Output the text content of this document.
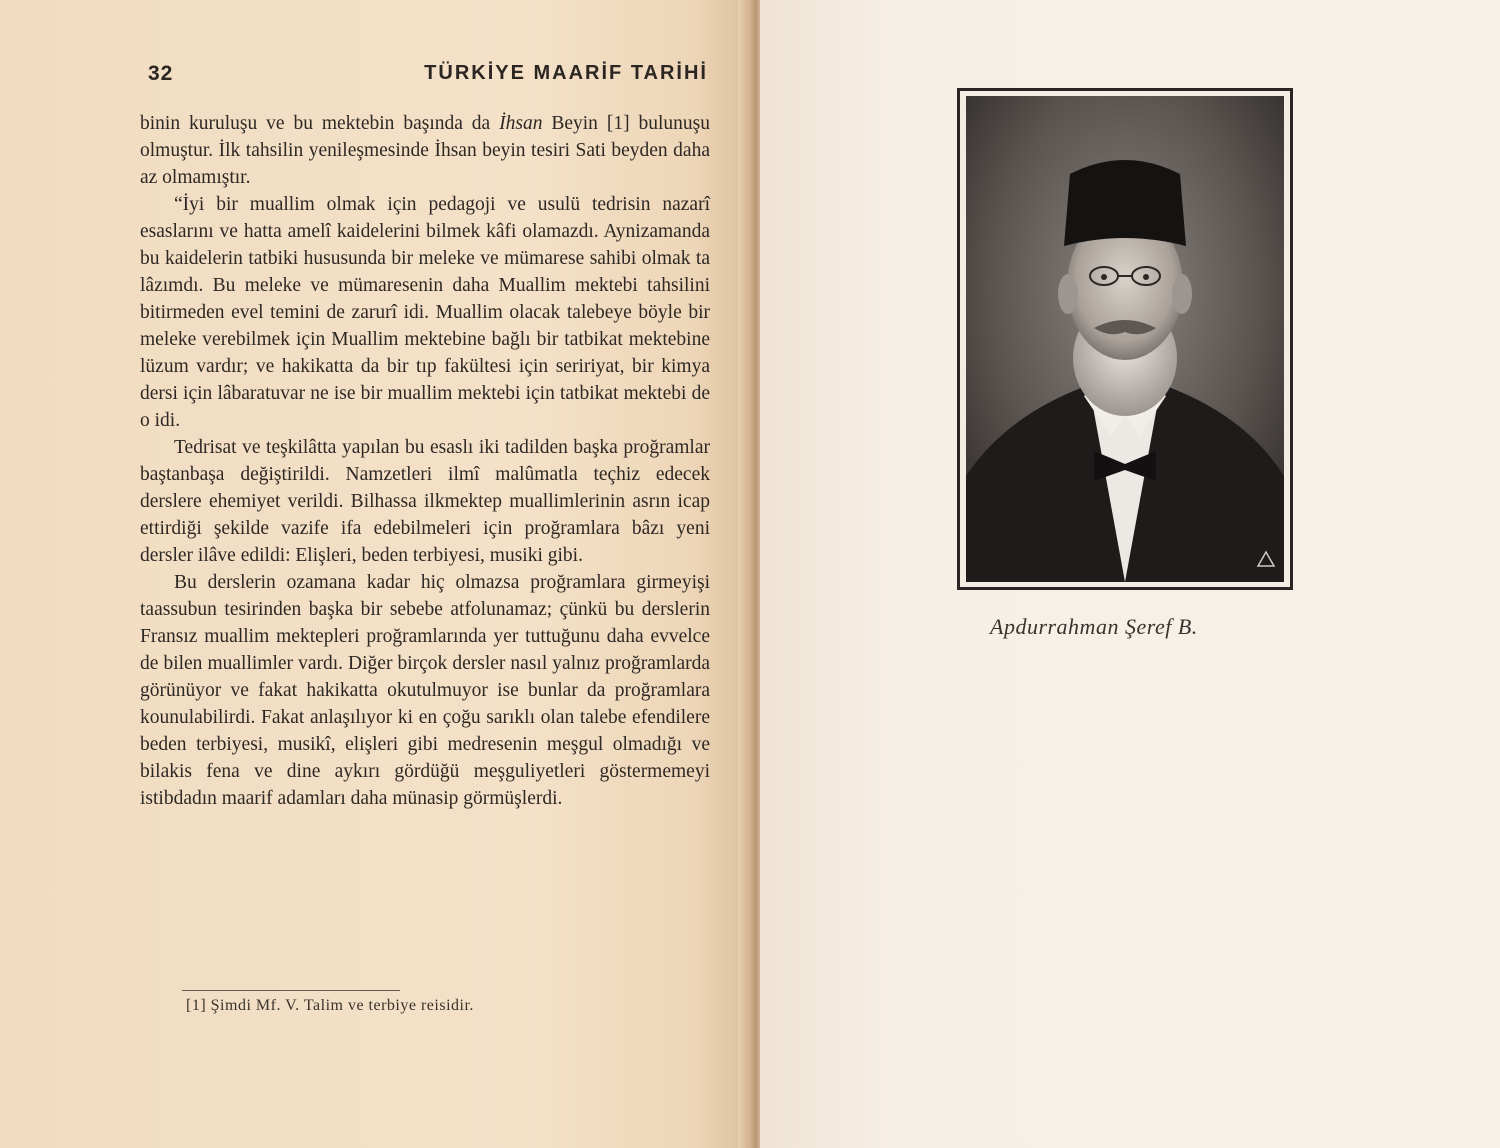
32	TÜRKİYE MAARİF TARİHİ

binin kuruluşu ve bu mektebin başında da İhsan Beyin [1] bulunuşu olmuştur. İlk tahsilin yenileşmesinde İhsan beyin tesiri Sati beyden daha az olmamıştır.

“İyi bir muallim olmak için pedagoji ve usulü tedrisin nazarî esaslarını ve hatta amelî kaidelerini bilmek kâfi olamazdı. Aynizamanda bu kaidelerin tatbiki hususunda bir meleke ve mümarese sahibi olmak ta lâzımdı. Bu meleke ve mümaresenin daha Muallim mektebi tahsilini bitirmeden evel temini de zarurî idi. Muallim olacak talebeye böyle bir meleke verebilmek için Muallim mektebine bağlı bir tatbikat mektebine lüzum vardır; ve hakikatta da bir tıp fakültesi için seririyat, bir kimya dersi için lâbaratuvar ne ise bir muallim mektebi için tatbikat mektebi de o idi.

Tedrisat ve teşkilâtta yapılan bu esaslı iki tadilden başka proğramlar baştanbaşa değiştirildi. Namzetleri ilmî malûmatla teçhiz edecek derslere ehemiyet verildi. Bilhassa ilkmektep muallimlerinin asrın icap ettirdiği şekilde vazife ifa edebilmeleri için proğramlara bâzı yeni dersler ilâve edildi: Elişleri, beden terbiyesi, musiki gibi.

Bu derslerin ozamana kadar hiç olmazsa proğramlara girmeyişi taassubun tesirinden başka bir sebebe atfolunamaz; çünkü bu derslerin Fransız muallim mektepleri proğramlarında yer tuttuğunu daha evvelce de bilen muallimler vardı. Diğer birçok dersler nasıl yalnız proğramlarda görünüyor ve fakat hakikatta okutulmuyor ise bunlar da proğramlara kounulabilirdi. Fakat anlaşılıyor ki en çoğu sarıklı olan talebe efendilere beden terbiyesi, musikî, elişleri gibi medresenin meşgul olmadığı ve bilakis fena ve dine aykırı gördüğü meşguliyetleri göstermemeyi istibdadın maarif adamları daha münasip görmüşlerdi.

[1] Şimdi Mf. V. Talim ve terbiye reisidir.
Apdurrahman Şeref B.
